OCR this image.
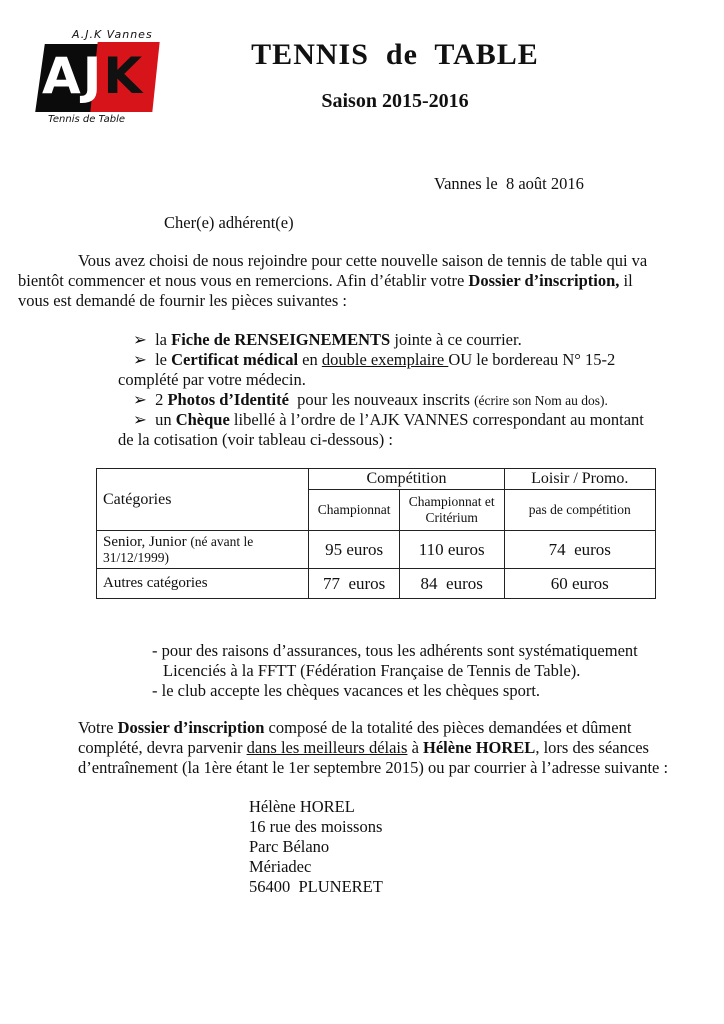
A.J.K Vannes
AJK
Tennis de Table
TENNIS  de  TABLE
Saison 2015-2016
Vannes le  8 août 2016
Cher(e) adhérent(e)
Vous avez choisi de nous rejoindre pour cette nouvelle saison de tennis de table qui va
bientôt commencer et nous vous en remercions. Afin d’établir votre Dossier d’inscription, il
vous est demandé de fournir les pièces suivantes :
➢ la Fiche de RENSEIGNEMENTS jointe à ce courrier.
➢ le Certificat médical en double exemplaire OU le bordereau N° 15-2
complété par votre médecin.
➢ 2 Photos d’Identité  pour les nouveaux inscrits (écrire son Nom au dos).
➢ un Chèque libellé à l’ordre de l’AJK VANNES correspondant au montant
de la cotisation (voir tableau ci-dessous) :
Catégories	Compétition		Loisir / Promo.
	Championnat	Championnat et
Critérium	pas de compétition
Senior, Junior (né avant le
31/12/1999)	95 euros	110 euros	74  euros
Autres catégories	77  euros	84  euros	60 euros
- pour des raisons d’assurances, tous les adhérents sont systématiquement
Licenciés à la FFTT (Fédération Française de Tennis de Table).
- le club accepte les chèques vacances et les chèques sport.
Votre Dossier d’inscription composé de la totalité des pièces demandées et dûment
complété, devra parvenir dans les meilleurs délais à Hélène HOREL, lors des séances
d’entraînement (la 1ère étant le 1er septembre 2015) ou par courrier à l’adresse suivante :
Hélène HOREL
16 rue des moissons
Parc Bélano
Mériadec
56400  PLUNERET
